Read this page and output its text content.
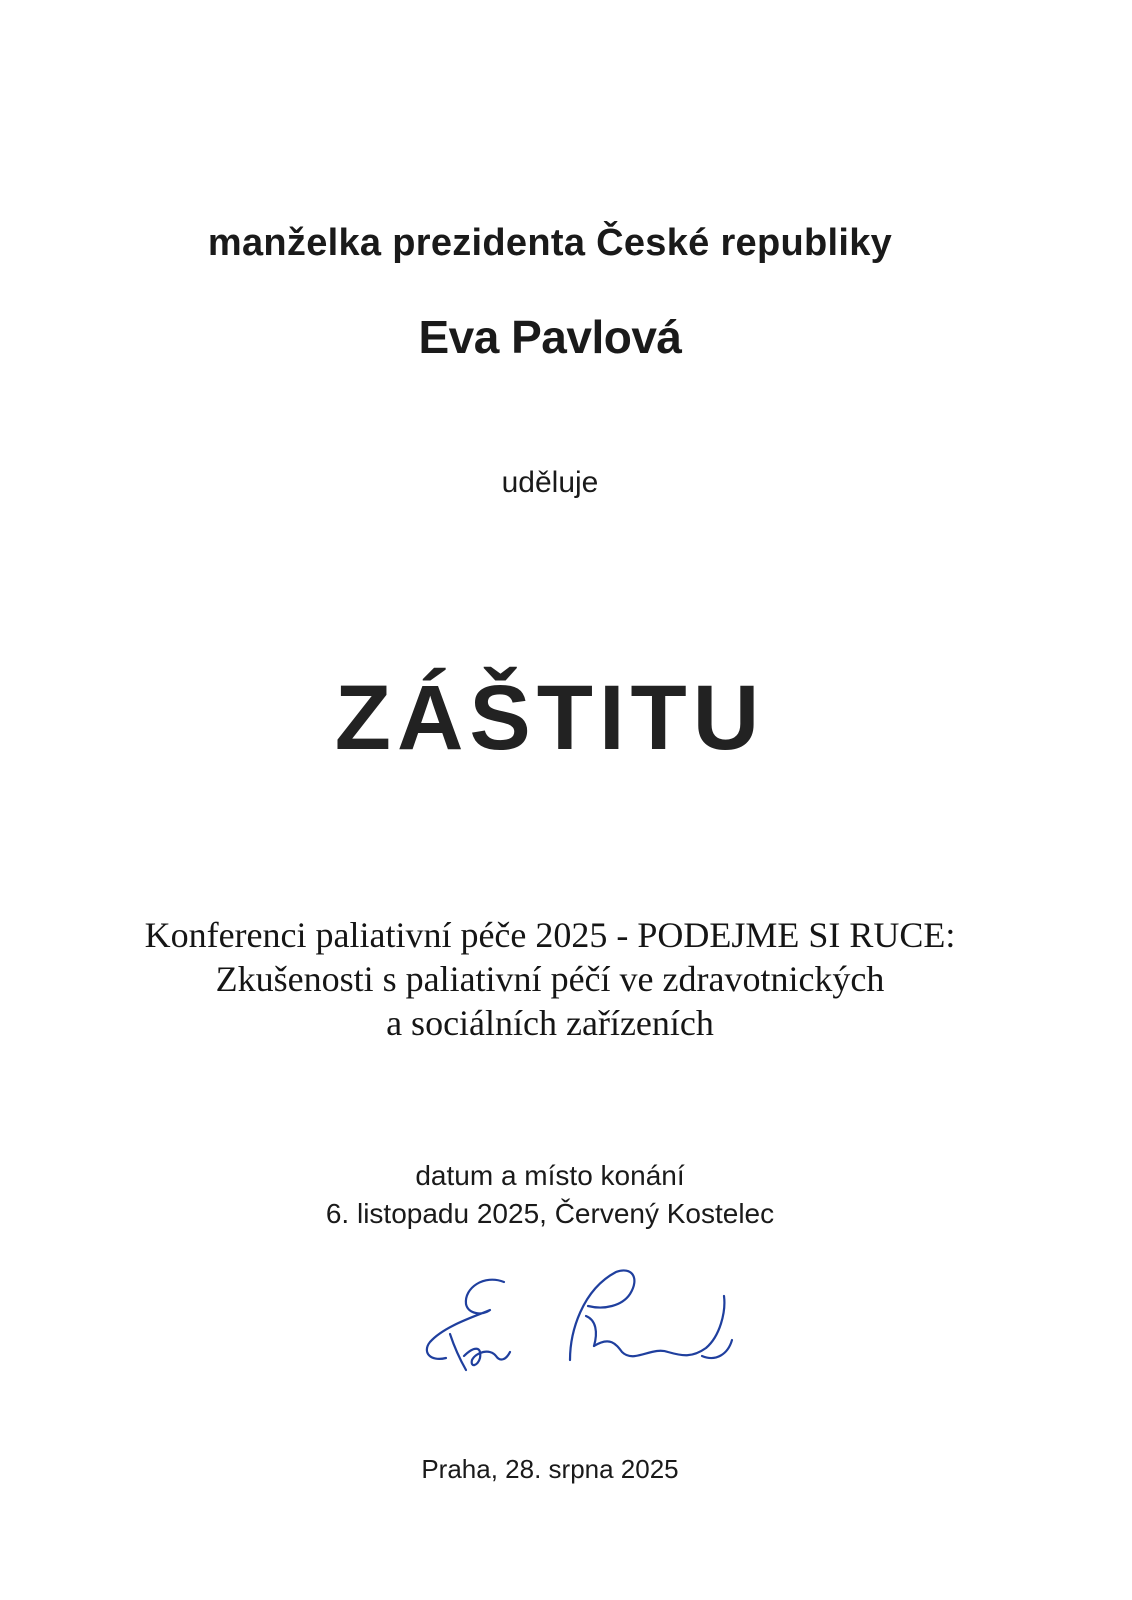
manželka prezidenta České republiky
Eva Pavlová
uděluje
ZÁŠTITU
Konferenci paliativní péče 2025 - PODEJME SI RUCE:
Zkušenosti s paliativní péčí ve zdravotnických
a sociálních zařízeních
datum a místo konání
6. listopadu 2025, Červený Kostelec
Praha, 28. srpna 2025
